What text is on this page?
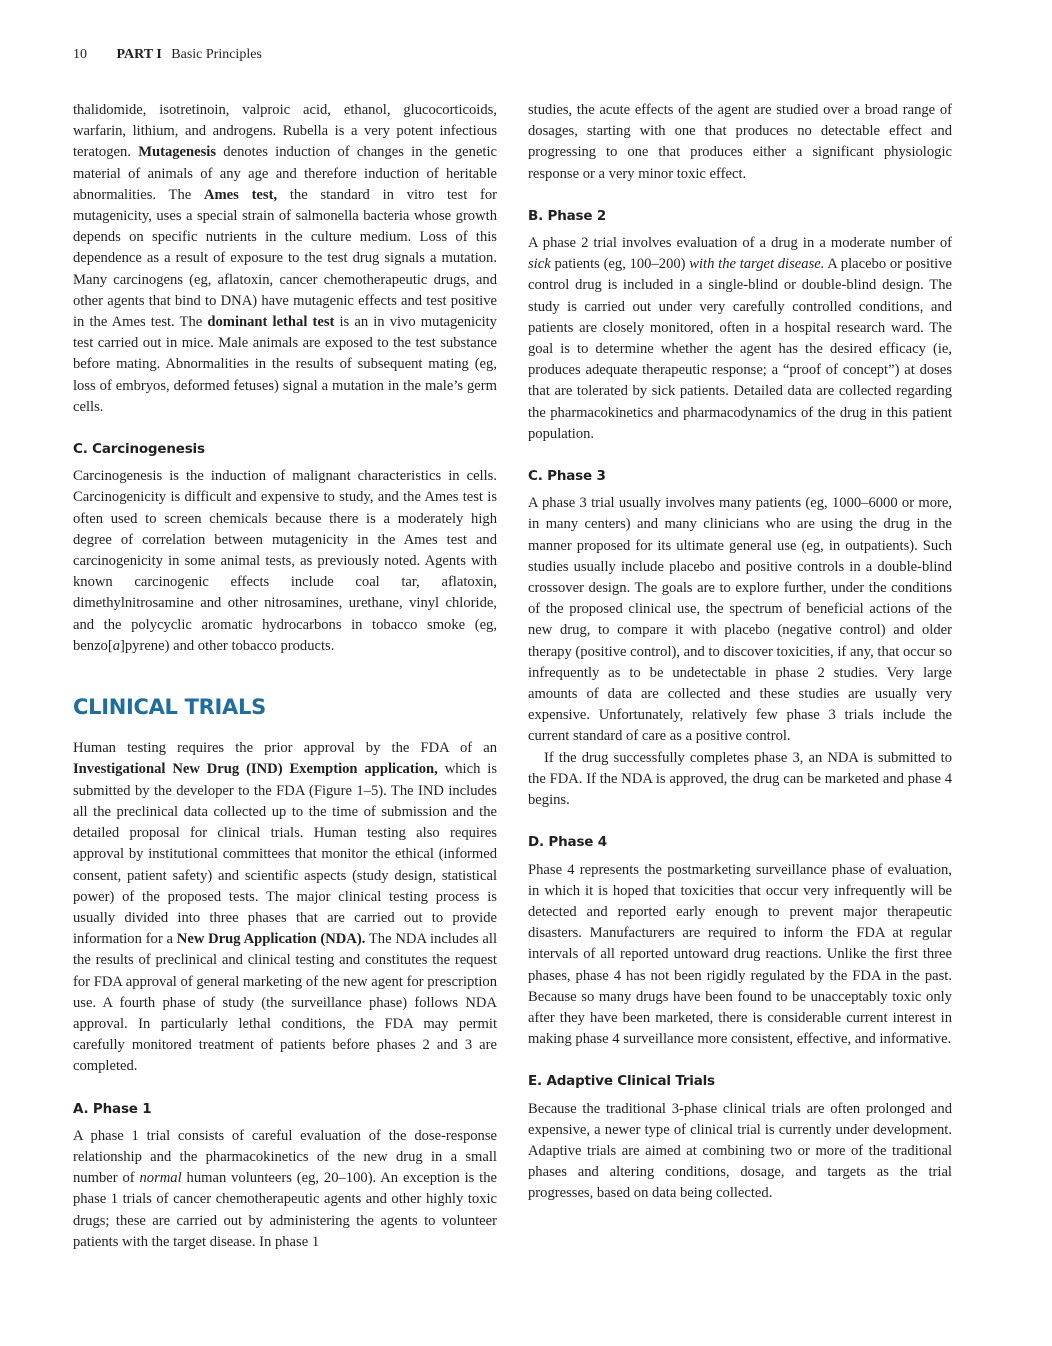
10 PART I Basic Principles

thalidomide, isotretinoin, valproic acid, ethanol, glucocorticoids, warfarin, lithium, and androgens. Rubella is a very potent infectious teratogen. Mutagenesis denotes induction of changes in the genetic material of animals of any age and therefore induction of heritable abnormalities. The Ames test, the standard in vitro test for mutagenicity, uses a special strain of salmonella bacteria whose growth depends on specific nutrients in the culture medium. Loss of this dependence as a result of exposure to the test drug signals a mutation. Many carcinogens (eg, aflatoxin, cancer chemotherapeutic drugs, and other agents that bind to DNA) have mutagenic effects and test positive in the Ames test. The dominant lethal test is an in vivo mutagenicity test carried out in mice. Male animals are exposed to the test substance before mating. Abnormalities in the results of subsequent mating (eg, loss of embryos, deformed fetuses) signal a mutation in the male’s germ cells.

C. Carcinogenesis

Carcinogenesis is the induction of malignant characteristics in cells. Carcinogenicity is difficult and expensive to study, and the Ames test is often used to screen chemicals because there is a moderately high degree of correlation between mutagenicity in the Ames test and carcinogenicity in some animal tests, as previously noted. Agents with known carcinogenic effects include coal tar, aflatoxin, dimethylnitrosamine and other nitrosamines, urethane, vinyl chloride, and the polycyclic aromatic hydrocarbons in tobacco smoke (eg, benzo[a]pyrene) and other tobacco products.

CLINICAL TRIALS

Human testing requires the prior approval by the FDA of an Investigational New Drug (IND) Exemption application, which is submitted by the developer to the FDA (Figure 1–5). The IND includes all the preclinical data collected up to the time of submission and the detailed proposal for clinical trials. Human testing also requires approval by institutional committees that monitor the ethical (informed consent, patient safety) and scientific aspects (study design, statistical power) of the proposed tests. The major clinical testing process is usually divided into three phases that are carried out to provide information for a New Drug Application (NDA). The NDA includes all the results of preclinical and clinical testing and constitutes the request for FDA approval of general marketing of the new agent for prescription use. A fourth phase of study (the surveillance phase) follows NDA approval. In particularly lethal conditions, the FDA may permit carefully monitored treatment of patients before phases 2 and 3 are completed.

A. Phase 1

A phase 1 trial consists of careful evaluation of the dose-response relationship and the pharmacokinetics of the new drug in a small number of normal human volunteers (eg, 20–100). An exception is the phase 1 trials of cancer chemotherapeutic agents and other highly toxic drugs; these are carried out by administering the agents to volunteer patients with the target disease. In phase 1

studies, the acute effects of the agent are studied over a broad range of dosages, starting with one that produces no detectable effect and progressing to one that produces either a significant physiologic response or a very minor toxic effect.

B. Phase 2

A phase 2 trial involves evaluation of a drug in a moderate number of sick patients (eg, 100–200) with the target disease. A placebo or positive control drug is included in a single-blind or double-blind design. The study is carried out under very carefully controlled conditions, and patients are closely monitored, often in a hospital research ward. The goal is to determine whether the agent has the desired efficacy (ie, produces adequate therapeutic response; a “proof of concept”) at doses that are tolerated by sick patients. Detailed data are collected regarding the pharmacokinetics and pharmacodynamics of the drug in this patient population.

C. Phase 3

A phase 3 trial usually involves many patients (eg, 1000–6000 or more, in many centers) and many clinicians who are using the drug in the manner proposed for its ultimate general use (eg, in outpatients). Such studies usually include placebo and positive controls in a double-blind crossover design. The goals are to explore further, under the conditions of the proposed clinical use, the spectrum of beneficial actions of the new drug, to compare it with placebo (negative control) and older therapy (positive control), and to discover toxicities, if any, that occur so infrequently as to be undetectable in phase 2 studies. Very large amounts of data are collected and these studies are usually very expensive. Unfortunately, relatively few phase 3 trials include the current standard of care as a positive control.

If the drug successfully completes phase 3, an NDA is submitted to the FDA. If the NDA is approved, the drug can be marketed and phase 4 begins.

D. Phase 4

Phase 4 represents the postmarketing surveillance phase of evaluation, in which it is hoped that toxicities that occur very infrequently will be detected and reported early enough to prevent major therapeutic disasters. Manufacturers are required to inform the FDA at regular intervals of all reported untoward drug reactions. Unlike the first three phases, phase 4 has not been rigidly regulated by the FDA in the past. Because so many drugs have been found to be unacceptably toxic only after they have been marketed, there is considerable current interest in making phase 4 surveillance more consistent, effective, and informative.

E. Adaptive Clinical Trials

Because the traditional 3-phase clinical trials are often prolonged and expensive, a newer type of clinical trial is currently under development. Adaptive trials are aimed at combining two or more of the traditional phases and altering conditions, dosage, and targets as the trial progresses, based on data being collected.
